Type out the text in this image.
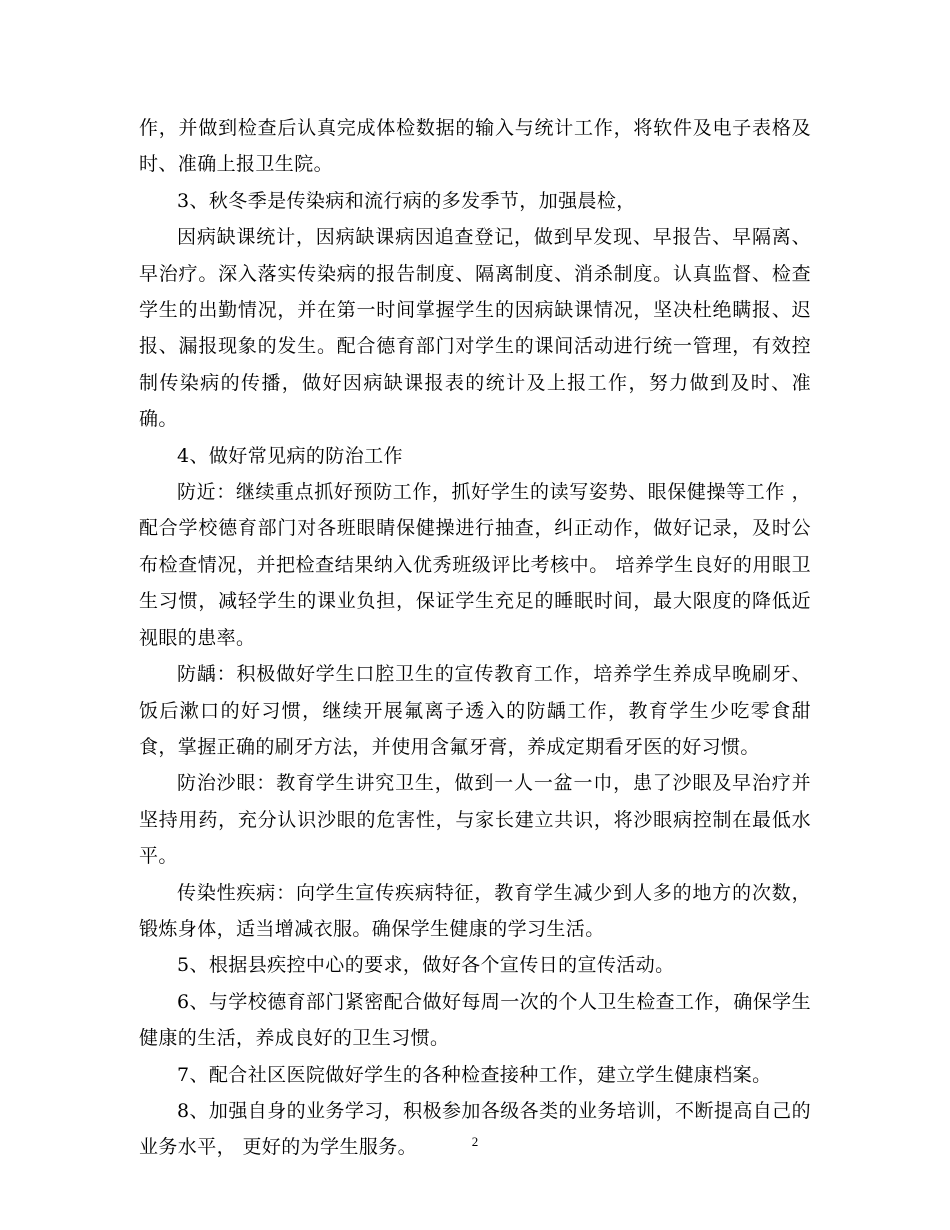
作，并做到检查后认真完成体检数据的输入与统计工作，将软件及电子表格及时、准确上报卫生院。

3、秋冬季是传染病和流行病的多发季节，加强晨检，

因病缺课统计，因病缺课病因追查登记，做到早发现、早报告、早隔离、早治疗。深入落实传染病的报告制度、隔离制度、消杀制度。认真监督、检查学生的出勤情况，并在第一时间掌握学生的因病缺课情况，坚决杜绝瞒报、迟报、漏报现象的发生。配合德育部门对学生的课间活动进行统一管理，有效控制传染病的传播，做好因病缺课报表的统计及上报工作，努力做到及时、准确。

4、做好常见病的防治工作

防近：继续重点抓好预防工作，抓好学生的读写姿势、眼保健操等工作 ，配合学校德育部门对各班眼睛保健操进行抽查，纠正动作，做好记录，及时公布检查情况，并把检查结果纳入优秀班级评比考核中。 培养学生良好的用眼卫生习惯，减轻学生的课业负担，保证学生充足的睡眠时间，最大限度的降低近视眼的患率。

防龋：积极做好学生口腔卫生的宣传教育工作，培养学生养成早晚刷牙、饭后漱口的好习惯，继续开展氟离子透入的防龋工作，教育学生少吃零食甜食，掌握正确的刷牙方法，并使用含氟牙膏，养成定期看牙医的好习惯。

防治沙眼：教育学生讲究卫生，做到一人一盆一巾，患了沙眼及早治疗并坚持用药，充分认识沙眼的危害性，与家长建立共识，将沙眼病控制在最低水平。

传染性疾病：向学生宣传疾病特征，教育学生减少到人多的地方的次数，锻炼身体，适当增减衣服。确保学生健康的学习生活。

5、根据县疾控中心的要求，做好各个宣传日的宣传活动。

6、与学校德育部门紧密配合做好每周一次的个人卫生检查工作，确保学生健康的生活，养成良好的卫生习惯。

7、配合社区医院做好学生的各种检查接种工作，建立学生健康档案。

8、加强自身的业务学习，积极参加各级各类的业务培训，不断提高自己的业务水平， 更好的为学生服务。	2
